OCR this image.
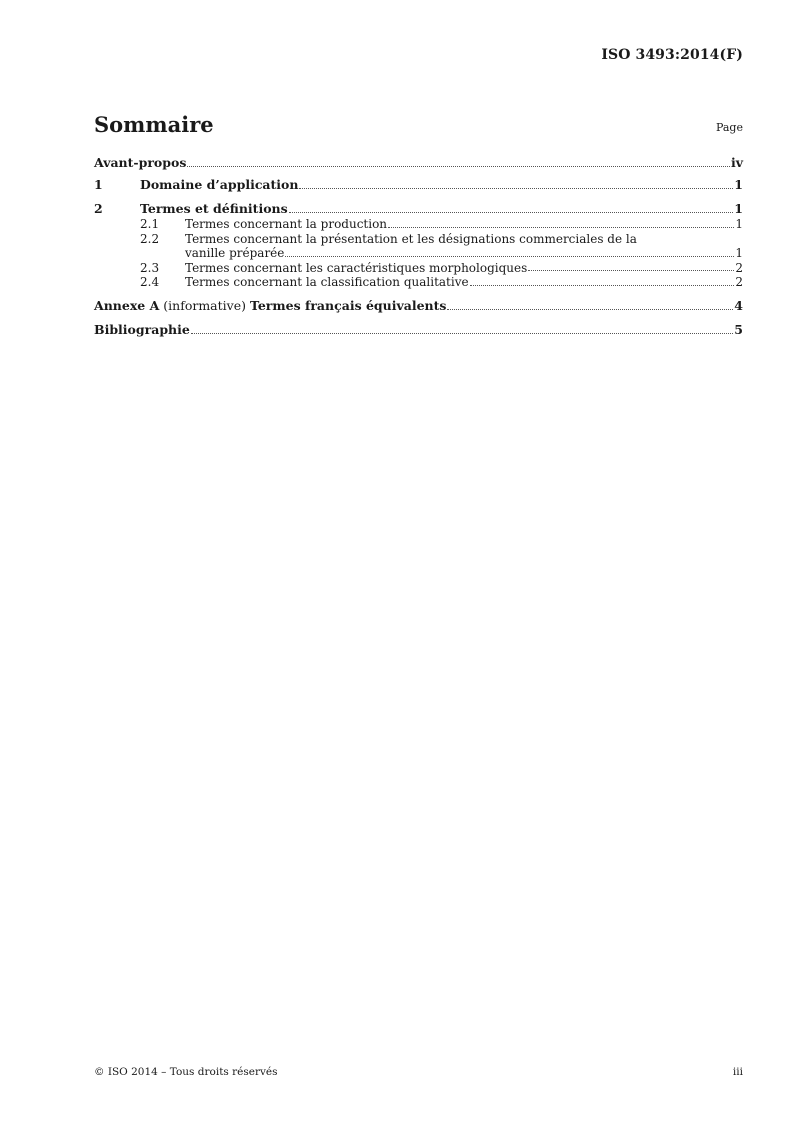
ISO 3493:2014(F)
Sommaire	Page
Avant-propos	iv
1	Domaine d’application	1
2	Termes et définitions	1
2.1	Termes concernant la production	1
2.2	Termes concernant la présentation et les désignations commerciales de la
vanille préparée	1
2.3	Termes concernant les caractéristiques morphologiques	2
2.4	Termes concernant la classification qualitative	2
Annexe A (informative) Termes français équivalents	4
Bibliographie	5
© ISO 2014 – Tous droits réservés	iii
